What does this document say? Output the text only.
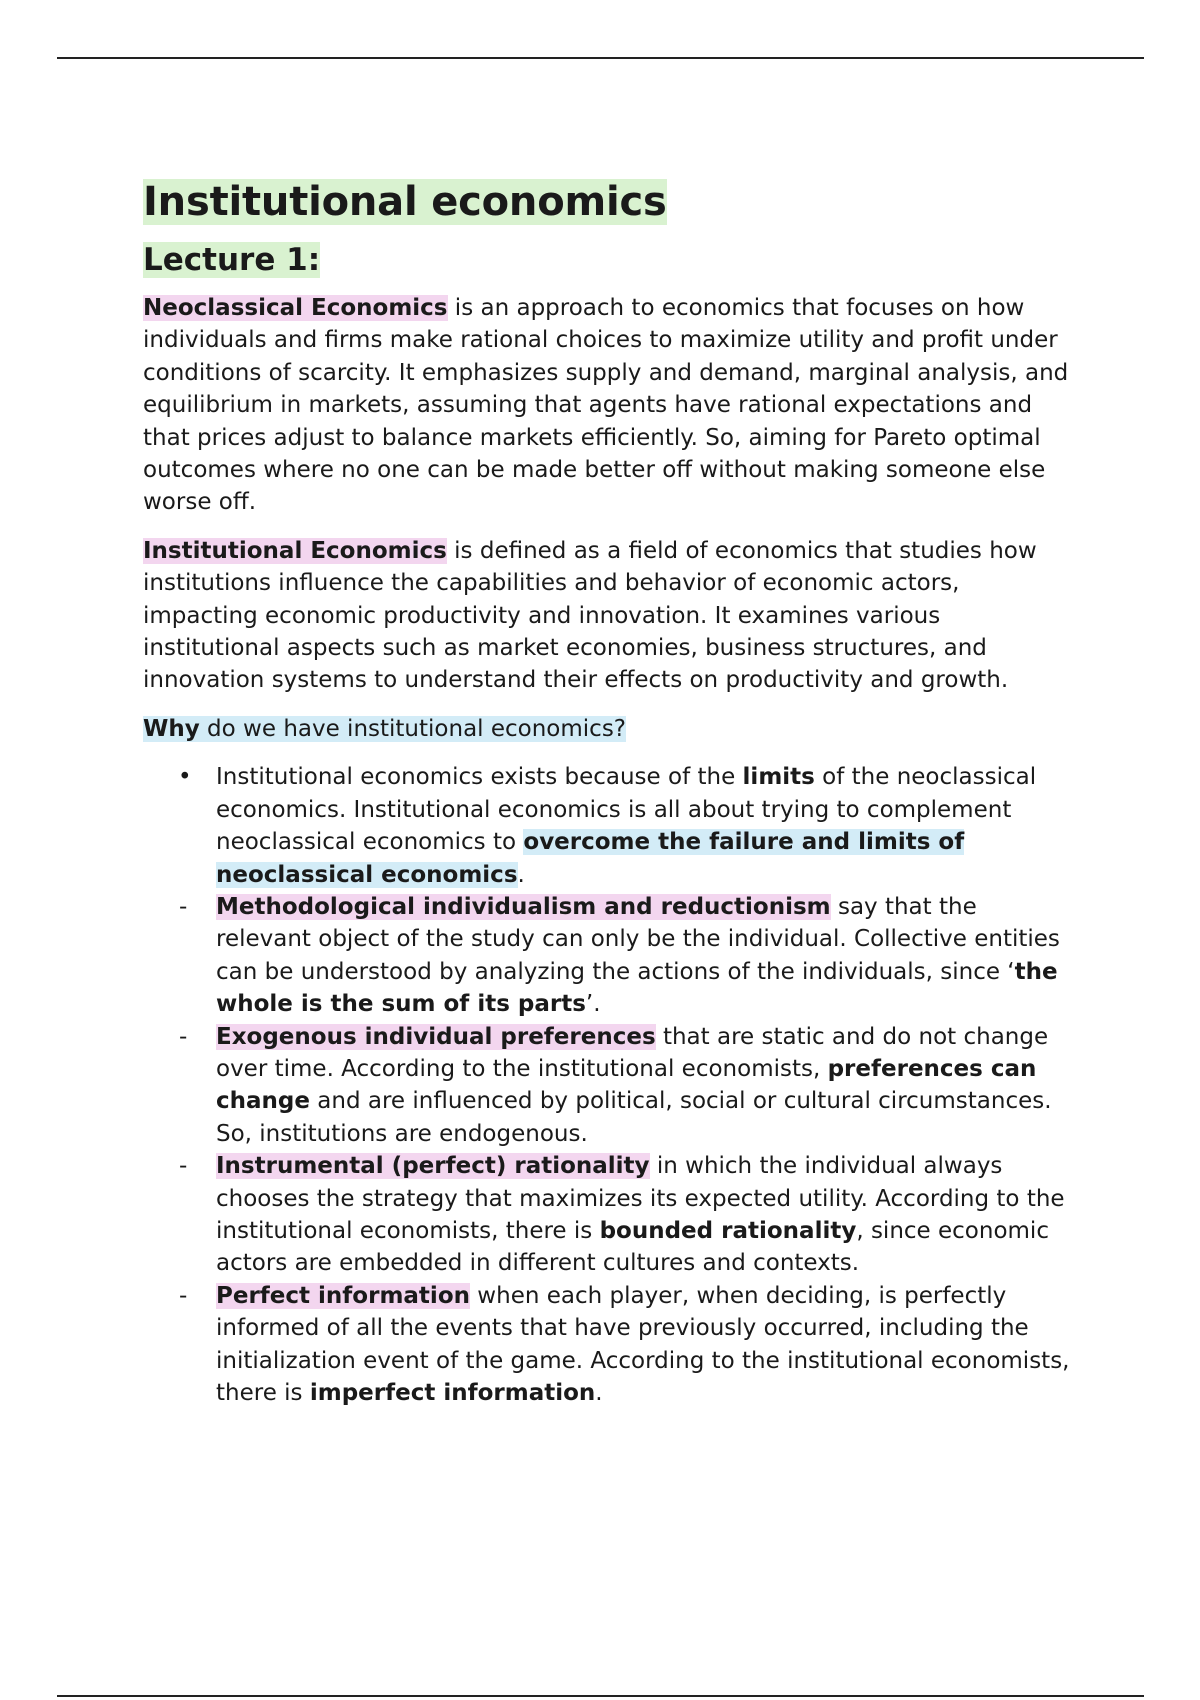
Institutional economics
Lecture 1:

Neoclassical Economics is an approach to economics that focuses on how individuals and firms make rational choices to maximize utility and profit under conditions of scarcity. It emphasizes supply and demand, marginal analysis, and equilibrium in markets, assuming that agents have rational expectations and that prices adjust to balance markets efficiently. So, aiming for Pareto optimal outcomes where no one can be made better off without making someone else worse off.

Institutional Economics is defined as a field of economics that studies how institutions influence the capabilities and behavior of economic actors, impacting economic productivity and innovation. It examines various institutional aspects such as market economies, business structures, and innovation systems to understand their effects on productivity and growth.

Why do we have institutional economics?

• Institutional economics exists because of the limits of the neoclassical economics. Institutional economics is all about trying to complement neoclassical economics to overcome the failure and limits of neoclassical economics.
- Methodological individualism and reductionism say that the relevant object of the study can only be the individual. Collective entities can be understood by analyzing the actions of the individuals, since ‘the whole is the sum of its parts’.
- Exogenous individual preferences that are static and do not change over time. According to the institutional economists, preferences can change and are influenced by political, social or cultural circumstances. So, institutions are endogenous.
- Instrumental (perfect) rationality in which the individual always chooses the strategy that maximizes its expected utility. According to the institutional economists, there is bounded rationality, since economic actors are embedded in different cultures and contexts.
- Perfect information when each player, when deciding, is perfectly informed of all the events that have previously occurred, including the initialization event of the game. According to the institutional economists, there is imperfect information.
